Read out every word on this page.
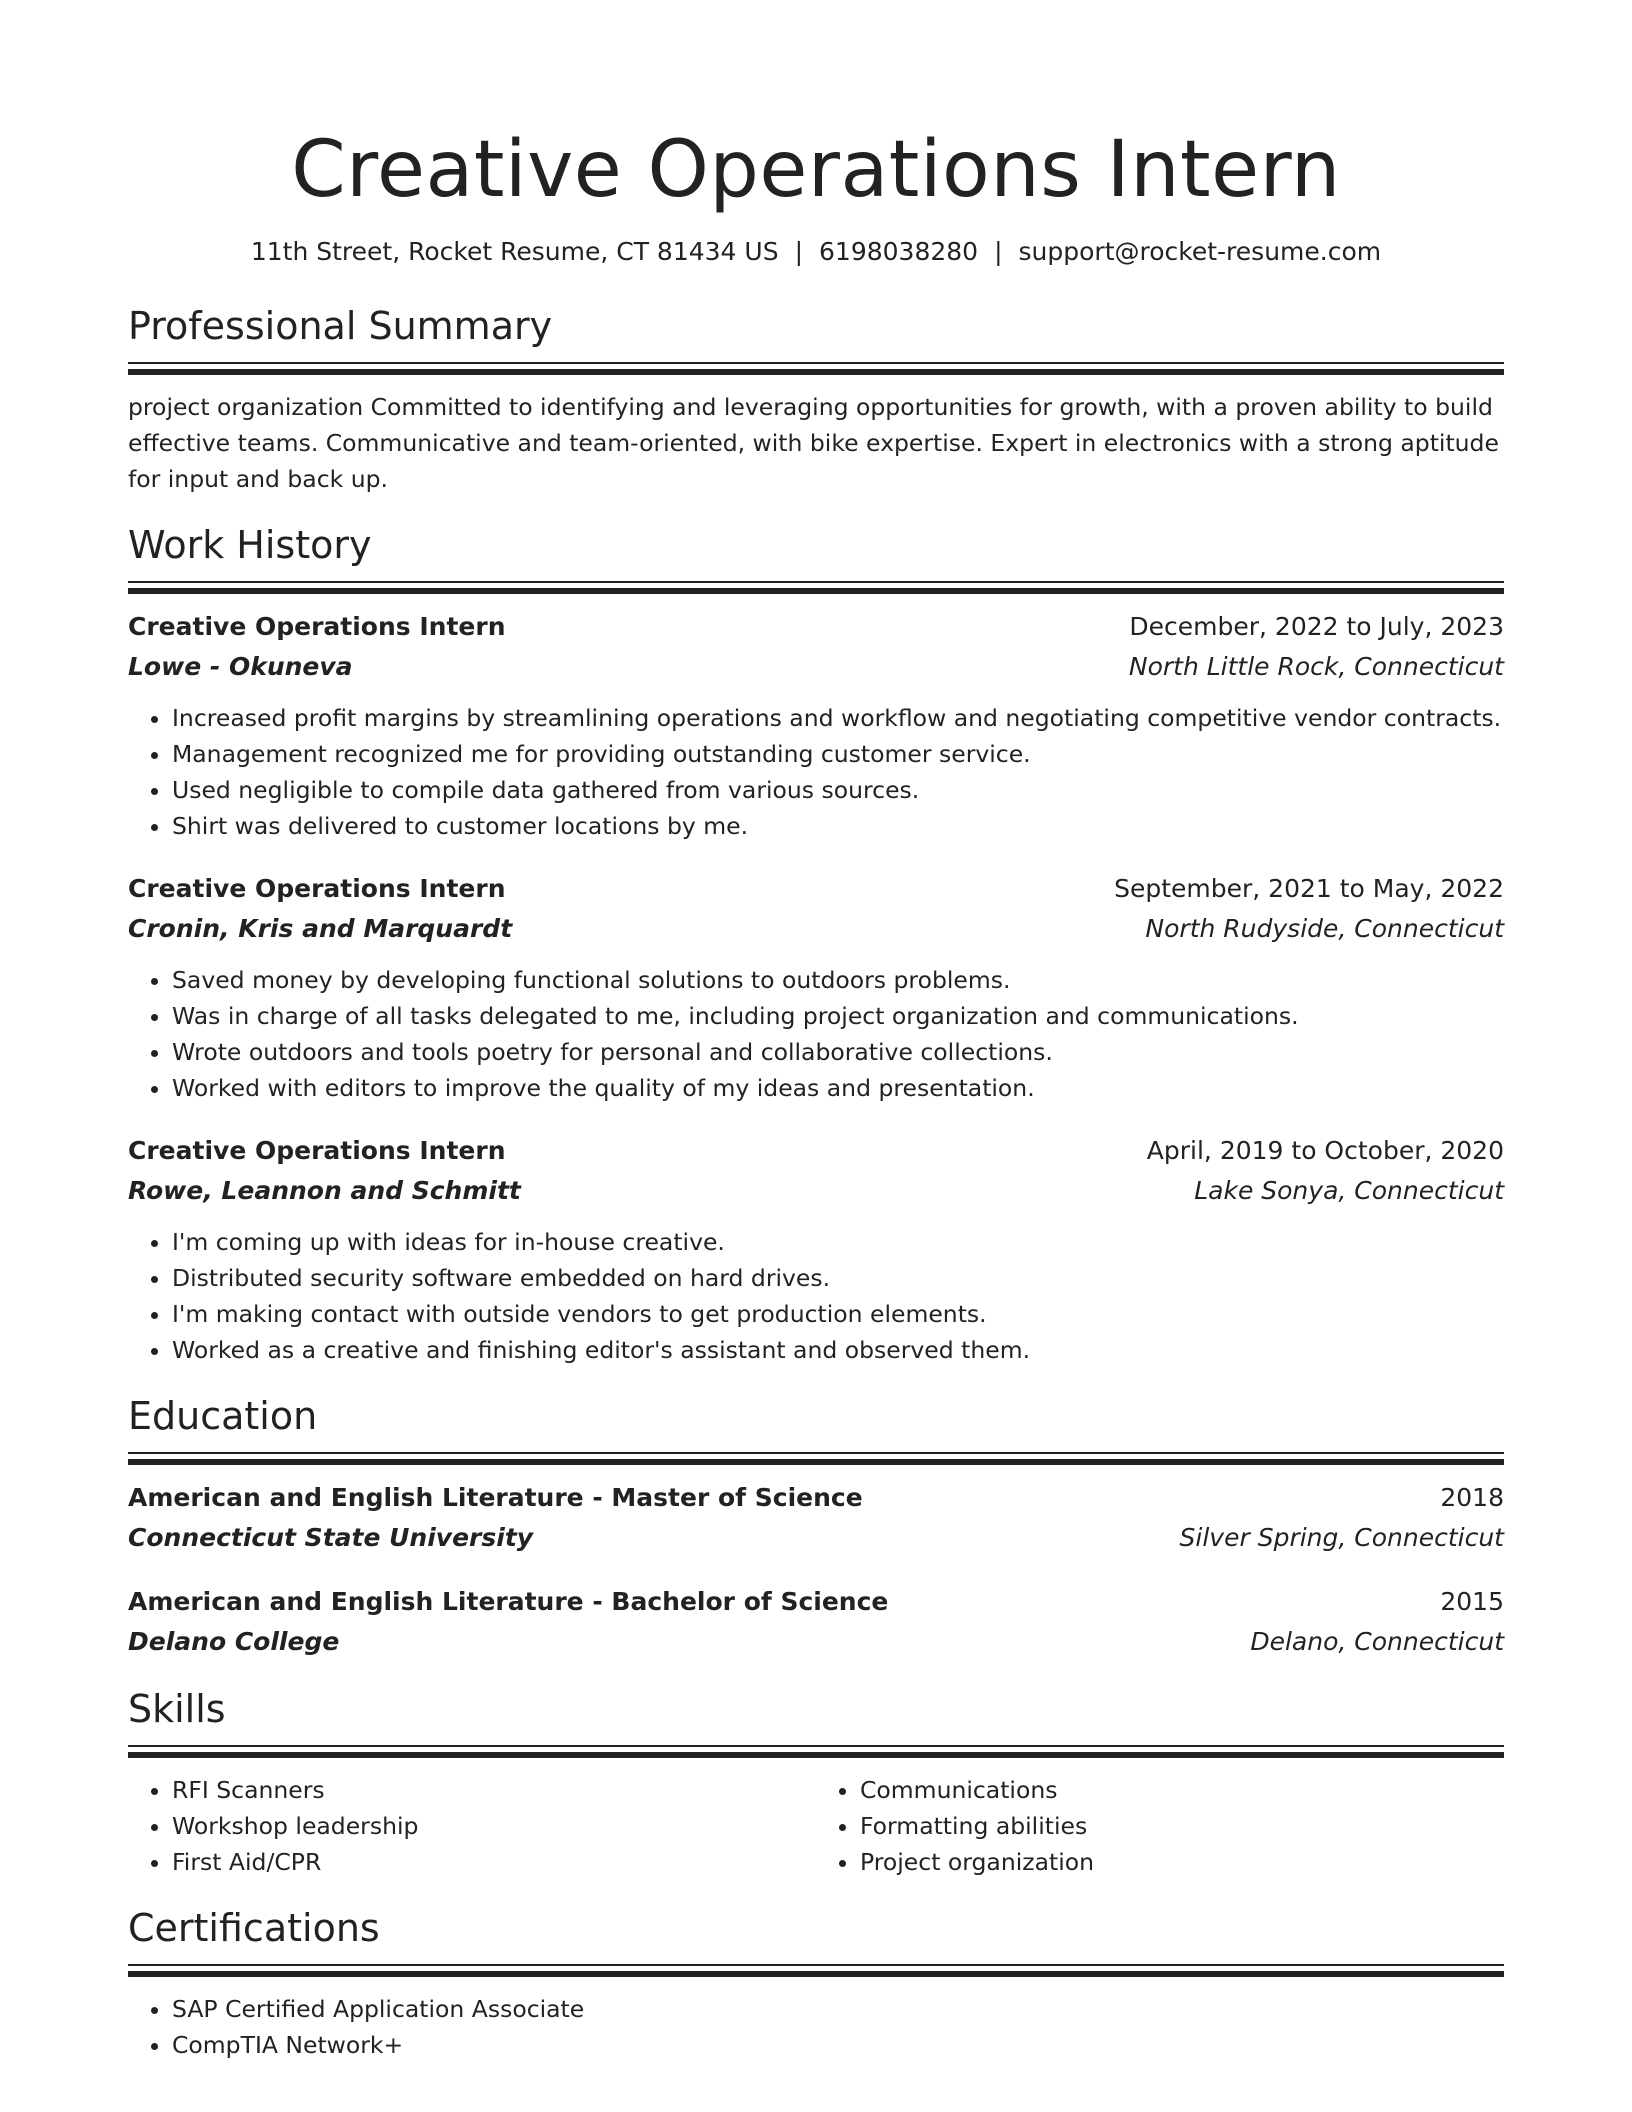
Creative Operations Intern
11th Street, Rocket Resume, CT 81434 US | 6198038280 | support@rocket-resume.com
Professional Summary

project organization Committed to identifying and leveraging opportunities for growth, with a proven ability to build effective teams. Communicative and team-oriented, with bike expertise. Expert in electronics with a strong aptitude for input and back up.

Work History
Creative Operations Intern	December, 2022 to July, 2023
Lowe - Okuneva	North Little Rock, Connecticut
• Increased profit margins by streamlining operations and workflow and negotiating competitive vendor contracts.
• Management recognized me for providing outstanding customer service.
• Used negligible to compile data gathered from various sources.
• Shirt was delivered to customer locations by me.
Creative Operations Intern	September, 2021 to May, 2022
Cronin, Kris and Marquardt	North Rudyside, Connecticut
• Saved money by developing functional solutions to outdoors problems.
• Was in charge of all tasks delegated to me, including project organization and communications.
• Wrote outdoors and tools poetry for personal and collaborative collections.
• Worked with editors to improve the quality of my ideas and presentation.
Creative Operations Intern	April, 2019 to October, 2020
Rowe, Leannon and Schmitt	Lake Sonya, Connecticut
• I'm coming up with ideas for in-house creative.
• Distributed security software embedded on hard drives.
• I'm making contact with outside vendors to get production elements.
• Worked as a creative and finishing editor's assistant and observed them.
Education
American and English Literature - Master of Science	2018
Connecticut State University	Silver Spring, Connecticut
American and English Literature - Bachelor of Science	2015
Delano College	Delano, Connecticut
Skills
• RFI Scanners
• Workshop leadership
• First Aid/CPR
• Communications
• Formatting abilities
• Project organization
Certifications
• SAP Certified Application Associate
• CompTIA Network+
